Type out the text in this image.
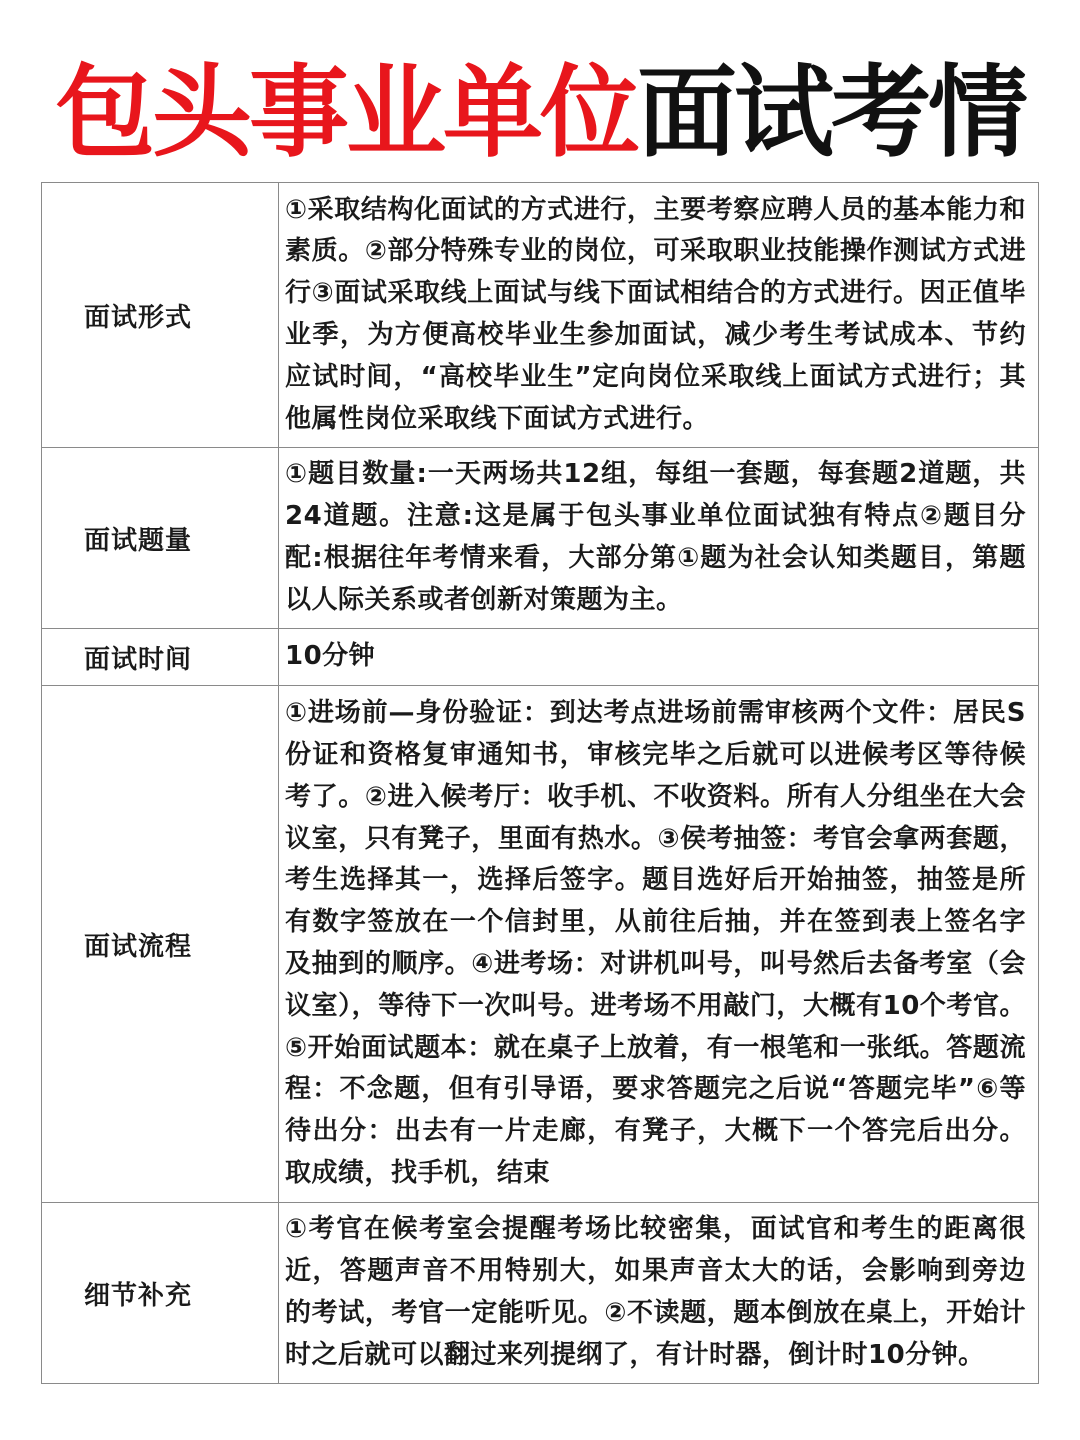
包头事业单位面试考情
面试形式	①采取结构化面试的方式进行，主要考察应聘人员的基本能力和素质。②部分特殊专业的岗位，可采取职业技能操作测试方式进行③面试采取线上面试与线下面试相结合的方式进行。因正值毕业季，为方便高校毕业生参加面试，减少考生考试成本、节约应试时间，“高校毕业生”定向岗位采取线上面试方式进行；其他属性岗位采取线下面试方式进行。
面试题量	①题目数量:一天两场共12组，每组一套题，每套题2道题，共24道题。注意:这是属于包头事业单位面试独有特点②题目分配:根据往年考情来看，大部分第①题为社会认知类题目，第题以人际关系或者创新对策题为主。
面试时间	10分钟
面试流程	①进场前—身份验证：到达考点进场前需审核两个文件：居民S份证和资格复审通知书，审核完毕之后就可以进候考区等待候考了。②进入候考厅：收手机、不收资料。所有人分组坐在大会议室，只有凳子，里面有热水。③侯考抽签：考官会拿两套题，考生选择其一，选择后签字。题目选好后开始抽签，抽签是所有数字签放在一个信封里，从前往后抽，并在签到表上签名字及抽到的顺序。④进考场：对讲机叫号，叫号然后去备考室（会议室），等待下一次叫号。进考场不用敲门，大概有10个考官。⑤开始面试题本：就在桌子上放着，有一根笔和一张纸。答题流程：不念题，但有引导语，要求答题完之后说“答题完毕”⑥等待出分：出去有一片走廊，有凳子，大概下一个答完后出分。取成绩，找手机，结束
细节补充	①考官在候考室会提醒考场比较密集，面试官和考生的距离很近，答题声音不用特别大，如果声音太大的话，会影响到旁边的考试，考官一定能听见。②不读题，题本倒放在桌上，开始计时之后就可以翻过来列提纲了，有计时器，倒计时10分钟。
